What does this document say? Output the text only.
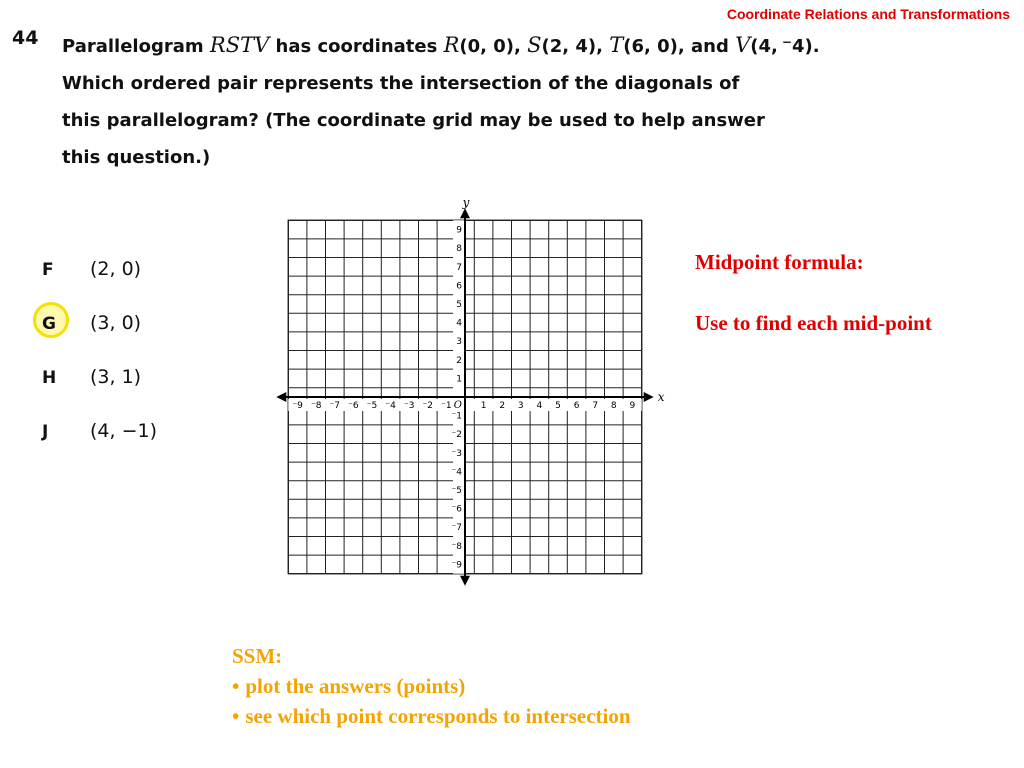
Coordinate Relations and Transformations
44 Parallelogram RSTV has coordinates R(0, 0), S(2, 4), T(6, 0), and V(4, −4).
Which ordered pair represents the intersection of the diagonals of
this parallelogram? (The coordinate grid may be used to help answer
this question.)
F (2, 0)
G (3, 0)
H (3, 1)
J (4, −1)
⁻9
⁻9
⁻8
⁻8
⁻7
⁻7
⁻6
⁻6
⁻5
⁻5
⁻4
⁻4
⁻3
⁻3
⁻2
⁻2
⁻1
⁻1
1
1
2
2
3
3
4
4
5
5
6
6
7
7
8
8
9
9
x
y
O
Midpoint formula:
Use to find each mid-point
SSM:
• plot the answers (points)
• see which point corresponds to intersection
